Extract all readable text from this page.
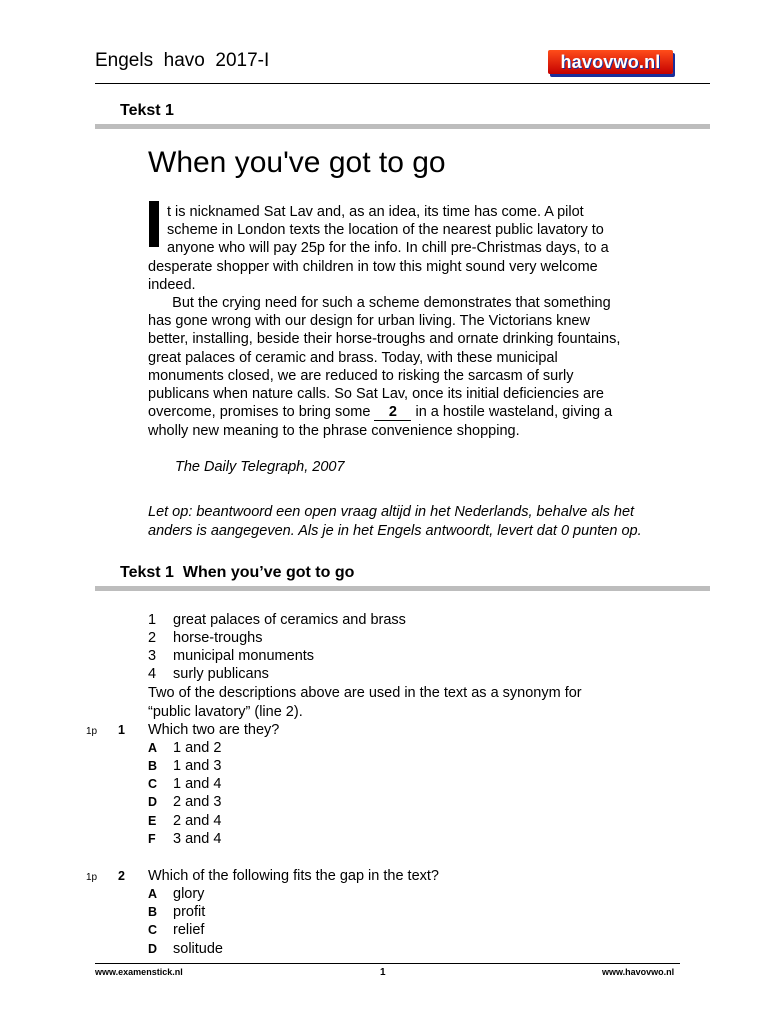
Engels  havo  2017-I	havovwo.nl
Tekst 1
When you've got to go
t is nicknamed Sat Lav and, as an idea, its time has come. A pilot
scheme in London texts the location of the nearest public lavatory to
anyone who will pay 25p for the info. In chill pre-Christmas days, to a
desperate shopper with children in tow this might sound very welcome
indeed.
But the crying need for such a scheme demonstrates that something
has gone wrong with our design for urban living. The Victorians knew
better, installing, beside their horse-troughs and ornate drinking fountains,
great palaces of ceramic and brass. Today, with these municipal
monuments closed, we are reduced to risking the sarcasm of surly
publicans when nature calls. So Sat Lav, once its initial deficiencies are
overcome, promises to bring some 2 in a hostile wasteland, giving a
wholly new meaning to the phrase convenience shopping.
The Daily Telegraph, 2007
Let op: beantwoord een open vraag altijd in het Nederlands, behalve als het
anders is aangegeven. Als je in het Engels antwoordt, levert dat 0 punten op.
Tekst 1  When you’ve got to go
1 great palaces of ceramics and brass
2 horse-troughs
3 municipal monuments
4 surly publicans
Two of the descriptions above are used in the text as a synonym for
“public lavatory” (line 2).
1p 1 Which two are they?
A 1 and 2
B 1 and 3
C 1 and 4
D 2 and 3
E 2 and 4
F 3 and 4
1p 2 Which of the following fits the gap in the text?
A glory
B profit
C relief
D solitude
www.examenstick.nl	1	www.havovwo.nl
